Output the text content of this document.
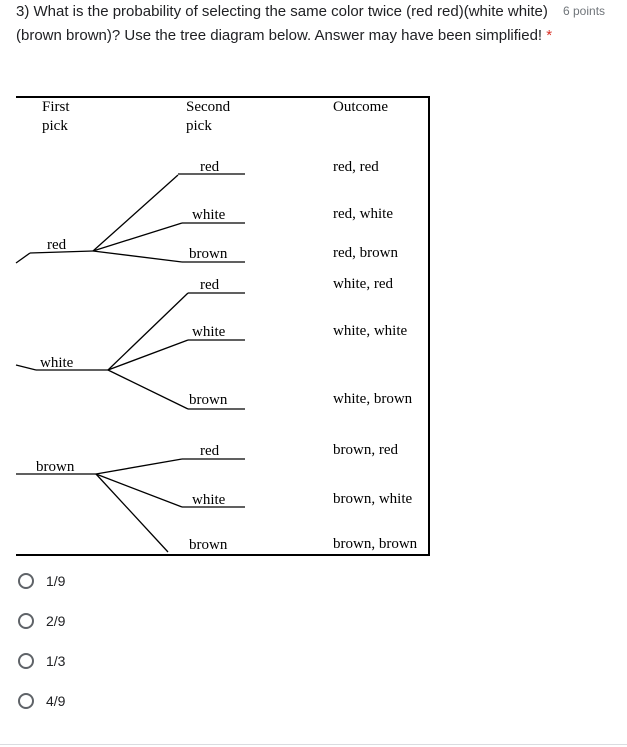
3) What is the probability of selecting the same color twice (red red)(white white)(brown brown)? Use the tree diagram below. Answer may have been simplified! *
6 points
First
pick
Second
pick
Outcome
red
white
brown
red
white
brown
red
white
brown
red
white
brown
red, red
red, white
red, brown
white, red
white, white
white, brown
brown, red
brown, white
brown, brown
1/9
2/9
1/3
4/9
